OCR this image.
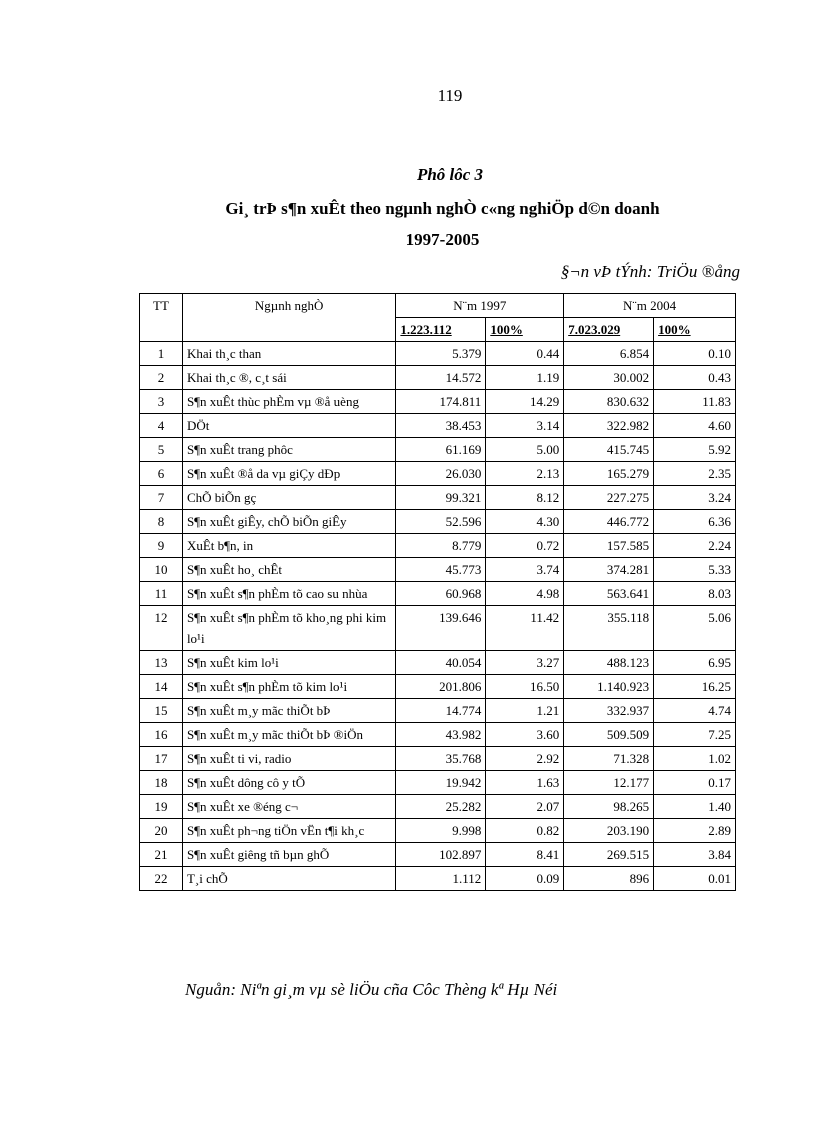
119
Phô lôc 3
Gi¸ trÞ s¶n xuÊt theo ngµnh nghÒ c«ng nghiÖp d©n doanh
1997-2005
§¬n vÞ tÝnh: TriÖu ®ång
TT	Ngµnh nghÒ	N¨m 1997		N¨m 2004	
		1.223.112	100%	7.023.029	100%
1	Khai th¸c than	5.379	0.44	6.854	0.10
2	Khai th¸c ®, c¸t sái	14.572	1.19	30.002	0.43
3	S¶n xuÊt thùc phÈm vµ ®å uèng	174.811	14.29	830.632	11.83
4	DÖt	38.453	3.14	322.982	4.60
5	S¶n xuÊt trang phôc	61.169	5.00	415.745	5.92
6	S¶n xuÊt ®å da vµ giÇy dÐp	26.030	2.13	165.279	2.35
7	ChÕ biÕn gç	99.321	8.12	227.275	3.24
8	S¶n xuÊt giÊy, chÕ biÕn giÊy	52.596	4.30	446.772	6.36
9	XuÊt b¶n, in	8.779	0.72	157.585	2.24
10	S¶n xuÊt ho¸ chÊt	45.773	3.74	374.281	5.33
11	S¶n xuÊt s¶n phÈm tõ cao su nhùa	60.968	4.98	563.641	8.03
12	S¶n xuÊt s¶n phÈm tõ kho¸ng phi kim lo¹i	139.646	11.42	355.118	5.06
13	S¶n xuÊt kim lo¹i	40.054	3.27	488.123	6.95
14	S¶n xuÊt s¶n phÈm tõ kim lo¹i	201.806	16.50	1.140.923	16.25
15	S¶n xuÊt m¸y mãc thiÕt bÞ	14.774	1.21	332.937	4.74
16	S¶n xuÊt m¸y mãc thiÕt bÞ ®iÖn	43.982	3.60	509.509	7.25
17	S¶n xuÊt ti vi, radio	35.768	2.92	71.328	1.02
18	S¶n xuÊt dông cô y tÕ	19.942	1.63	12.177	0.17
19	S¶n xuÊt xe ®éng c¬	25.282	2.07	98.265	1.40
20	S¶n xuÊt ph¬ng tiÖn vËn t¶i kh¸c	9.998	0.82	203.190	2.89
21	S¶n xuÊt giêng tñ bµn ghÕ	102.897	8.41	269.515	3.84
22	T¸i chÕ	1.112	0.09	896	0.01
Nguån: Niªn gi¸m vµ sè liÖu cña Côc Thèng kª Hµ Néi
